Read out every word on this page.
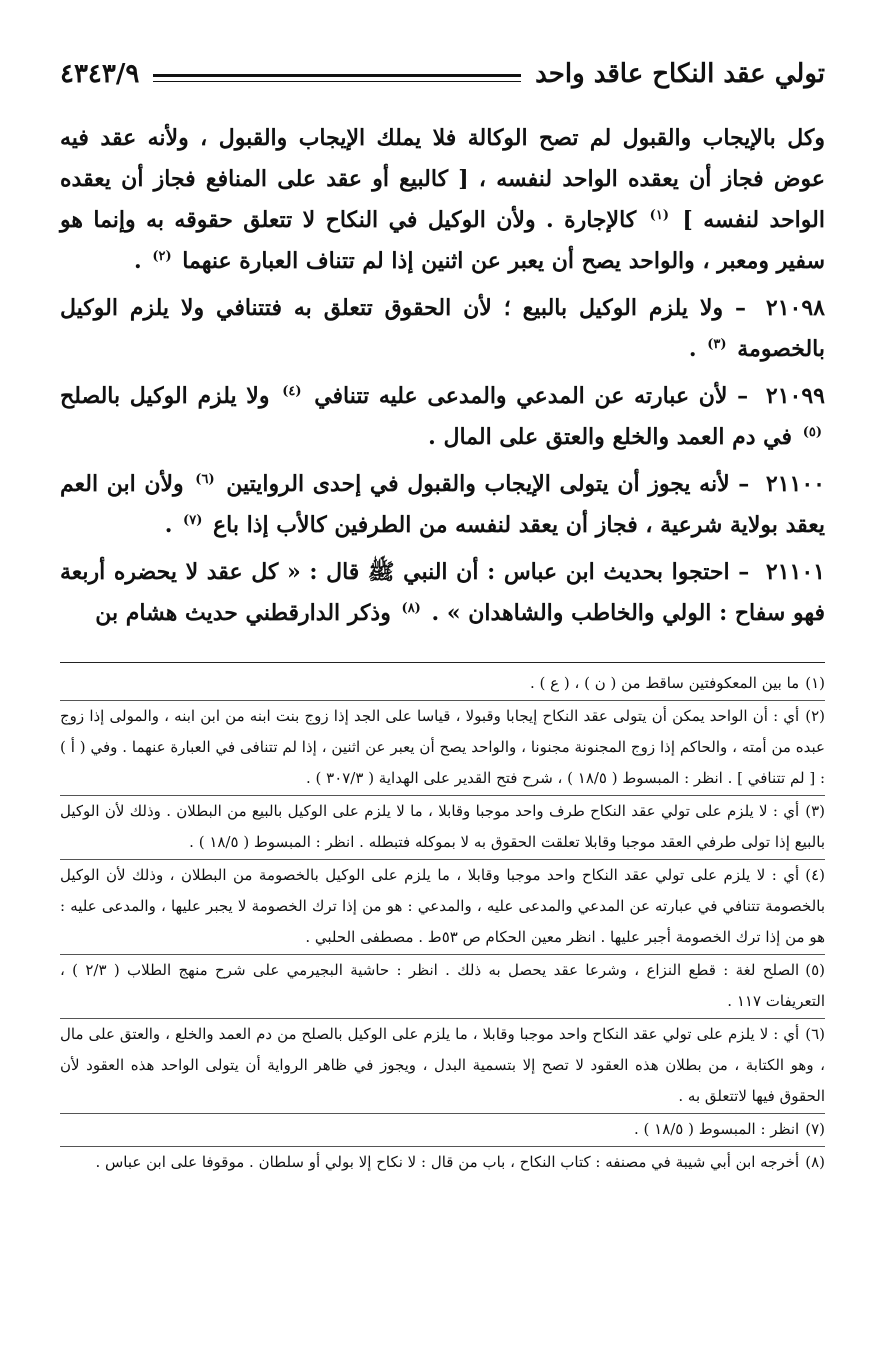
تولي عقد النكاح عاقد واحد
٤٣٤٣/٩

وكل بالإيجاب والقبول لم تصح الوكالة فلا يملك الإيجاب والقبول ، ولأنه عقد فيه عوض فجاز أن يعقده الواحد لنفسه ، [ كالبيع أو عقد على المنافع فجاز أن يعقده الواحد لنفسه ] $^{(١)}$ كالإجارة . ولأن الوكيل في النكاح لا تتعلق حقوقه به وإنما هو سفير ومعبر ، والواحد يصح أن يعبر عن اثنين إذا لم تتناف العبارة عنهما $^{(٢)}$ .

٢١٠٩٨ – ولا يلزم الوكيل بالبيع ؛ لأن الحقوق تتعلق به فتتنافي ولا يلزم الوكيل بالخصومة $^{(٣)}$ .

٢١٠٩٩ – لأن عبارته عن المدعي والمدعى عليه تتنافي $^{(٤)}$ ولا يلزم الوكيل بالصلح $^{(٥)}$ في دم العمد والخلع والعتق على المال .

٢١١٠٠ – لأنه يجوز أن يتولى الإيجاب والقبول في إحدى الروايتين $^{(٦)}$ ولأن ابن العم يعقد بولاية شرعية ، فجاز أن يعقد لنفسه من الطرفين كالأب إذا باع $^{(٧)}$ .

٢١١٠١ – احتجوا بحديث ابن عباس : أن النبي ﷺ قال : « كل عقد لا يحضره أربعة فهو سفاح : الولي والخاطب والشاهدان » . $^{(٨)}$ وذكر الدارقطني حديث هشام بن

(١)ما بين المعكوفتين ساقط من ( ن ) ، ( ع ) .
(٢)أي : أن الواحد يمكن أن يتولى عقد النكاح إيجابا وقبولا ، قياسا على الجد إذا زوج بنت ابنه من ابن ابنه ، والمولى إذا زوج عبده من أمته ، والحاكم إذا زوج المجنونة مجنونا ، والواحد يصح أن يعبر عن اثنين ، إذا لم تتنافى في العبارة عنهما . وفي ( أ ) : [ لم تتنافي ] . انظر : المبسوط ( ١٨/٥ ) ، شرح فتح القدير على الهداية ( ٣٠٧/٣ ) .
(٣)أي : لا يلزم على تولي عقد النكاح طرف واحد موجبا وقابلا ، ما لا يلزم على الوكيل بالبيع من البطلان . وذلك لأن الوكيل بالبيع إذا تولى طرفي العقد موجبا وقابلا تعلقت الحقوق به لا بموكله فتبطله . انظر : المبسوط ( ١٨/٥ ) .
(٤)أي : لا يلزم على تولي عقد النكاح واحد موجبا وقابلا ، ما يلزم على الوكيل بالخصومة من البطلان ، وذلك لأن الوكيل بالخصومة تتنافي في عبارته عن المدعي والمدعى عليه ، والمدعي : هو من إذا ترك الخصومة لا يجبر عليها ، والمدعى عليه : هو من إذا ترك الخصومة أجبر عليها . انظر معين الحكام ص ٥٣ط . مصطفى الحلبي .
(٥)الصلح لغة : قطع النزاع ، وشرعا عقد يحصل به ذلك . انظر : حاشية البجيرمي على شرح منهج الطلاب ( ٢/٣ ) ، التعريفات ١١٧ .
(٦)أي : لا يلزم على تولي عقد النكاح واحد موجبا وقابلا ، ما يلزم على الوكيل بالصلح من دم العمد والخلع ، والعتق على مال ، وهو الكتابة ، من بطلان هذه العقود لا تصح إلا بتسمية البدل ، ويجوز في ظاهر الرواية أن يتولى الواحد هذه العقود لأن الحقوق فيها لاتتعلق به .
(٧)انظر : المبسوط ( ١٨/٥ ) .
(٨)أخرجه ابن أبي شيبة في مصنفه : كتاب النكاح ، باب من قال : لا نكاح إلا بولي أو سلطان . موقوفا على ابن عباس .
